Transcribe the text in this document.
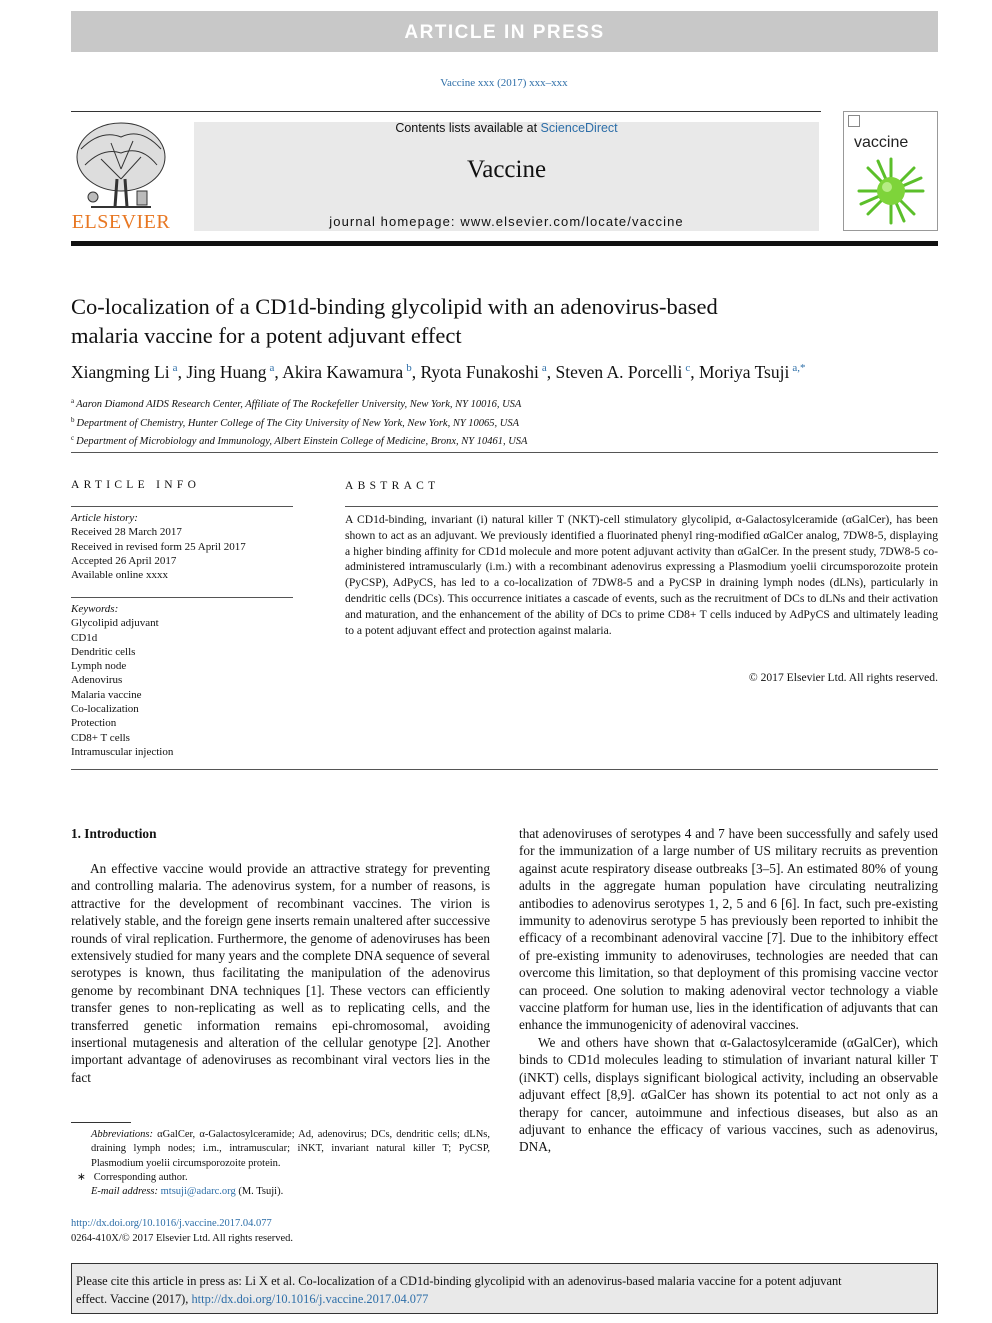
ARTICLE IN PRESS
Vaccine xxx (2017) xxx–xxx
ELSEVIER
Contents lists available at ScienceDirect
Vaccine
journal homepage: www.elsevier.com/locate/vaccine
vaccine
Co-localization of a CD1d-binding glycolipid with an adenovirus-based
malaria vaccine for a potent adjuvant effect
Xiangming Li $^a$, Jing Huang $^a$, Akira Kawamura $^b$, Ryota Funakoshi $^a$, Steven A. Porcelli $^c$, Moriya Tsuji $^{a,*}$
$^a$ Aaron Diamond AIDS Research Center, Affiliate of The Rockefeller University, New York, NY 10016, USA
$^b$ Department of Chemistry, Hunter College of The City University of New York, New York, NY 10065, USA
$^c$ Department of Microbiology and Immunology, Albert Einstein College of Medicine, Bronx, NY 10461, USA
ARTICLE INFO
Article history:
Received 28 March 2017
Received in revised form 25 April 2017
Accepted 26 April 2017
Available online xxxx
Keywords:
Glycolipid adjuvant
CD1d
Dendritic cells
Lymph node
Adenovirus
Malaria vaccine
Co-localization
Protection
CD8+ T cells
Intramuscular injection
ABSTRACT
A CD1d-binding, invariant (i) natural killer T (NKT)-cell stimulatory glycolipid, α-Galactosylceramide (αGalCer), has been shown to act as an adjuvant. We previously identified a fluorinated phenyl ring-modified αGalCer analog, 7DW8-5, displaying a higher binding affinity for CD1d molecule and more potent adjuvant activity than αGalCer. In the present study, 7DW8-5 co-administered intramuscularly (i.m.) with a recombinant adenovirus expressing a Plasmodium yoelii circumsporozoite protein (PyCSP), AdPyCS, has led to a co-localization of 7DW8-5 and a PyCSP in draining lymph nodes (dLNs), particularly in dendritic cells (DCs). This occurrence initiates a cascade of events, such as the recruitment of DCs to dLNs and their activation and maturation, and the enhancement of the ability of DCs to prime CD8+ T cells induced by AdPyCS and ultimately leading to a potent adjuvant effect and protection against malaria.
© 2017 Elsevier Ltd. All rights reserved.
1. Introduction

An effective vaccine would provide an attractive strategy for preventing and controlling malaria. The adenovirus system, for a number of reasons, is attractive for the development of recombinant vaccines. The virion is relatively stable, and the foreign gene inserts remain unaltered after successive rounds of viral replication. Furthermore, the genome of adenoviruses has been extensively studied for many years and the complete DNA sequence of several serotypes is known, thus facilitating the manipulation of the adenovirus genome by recombinant DNA techniques [1]. These vectors can efficiently transfer genes to non-replicating as well as to replicating cells, and the transferred genetic information remains epi-chromosomal, avoiding insertional mutagenesis and alteration of the cellular genotype [2]. Another important advantage of adenoviruses as recombinant viral vectors lies in the fact

that adenoviruses of serotypes 4 and 7 have been successfully and safely used for the immunization of a large number of US military recruits as prevention against acute respiratory disease outbreaks [3–5]. An estimated 80% of young adults in the aggregate human population have circulating neutralizing antibodies to adenovirus serotypes 1, 2, 5 and 6 [6]. In fact, such pre-existing immunity to adenovirus serotype 5 has previously been reported to inhibit the efficacy of a recombinant adenoviral vaccine [7]. Due to the inhibitory effect of pre-existing immunity to adenoviruses, technologies are needed that can overcome this limitation, so that deployment of this promising vaccine vector can proceed. One solution to making adenoviral vector technology a viable vaccine platform for human use, lies in the identification of adjuvants that can enhance the immunogenicity of adenoviral vaccines.

We and others have shown that α-Galactosylceramide (αGalCer), which binds to CD1d molecules leading to stimulation of invariant natural killer T (iNKT) cells, displays significant biological activity, including an observable adjuvant effect [8,9]. αGalCer has shown its potential to act not only as a therapy for cancer, autoimmune and infectious diseases, but also as an adjuvant to enhance the efficacy of various vaccines, such as adenovirus, DNA,

Abbreviations: αGalCer, α-Galactosylceramide; Ad, adenovirus; DCs, dendritic cells; dLNs, draining lymph nodes; i.m., intramuscular; iNKT, invariant natural killer T; PyCSP, Plasmodium yoelii circumsporozoite protein.
∗   Corresponding author.
E-mail address: mtsuji@adarc.org (M. Tsuji).
http://dx.doi.org/10.1016/j.vaccine.2017.04.077
0264-410X/© 2017 Elsevier Ltd. All rights reserved.
Please cite this article in press as: Li X et al. Co-localization of a CD1d-binding glycolipid with an adenovirus-based malaria vaccine for a potent adjuvant
effect. Vaccine (2017), http://dx.doi.org/10.1016/j.vaccine.2017.04.077
